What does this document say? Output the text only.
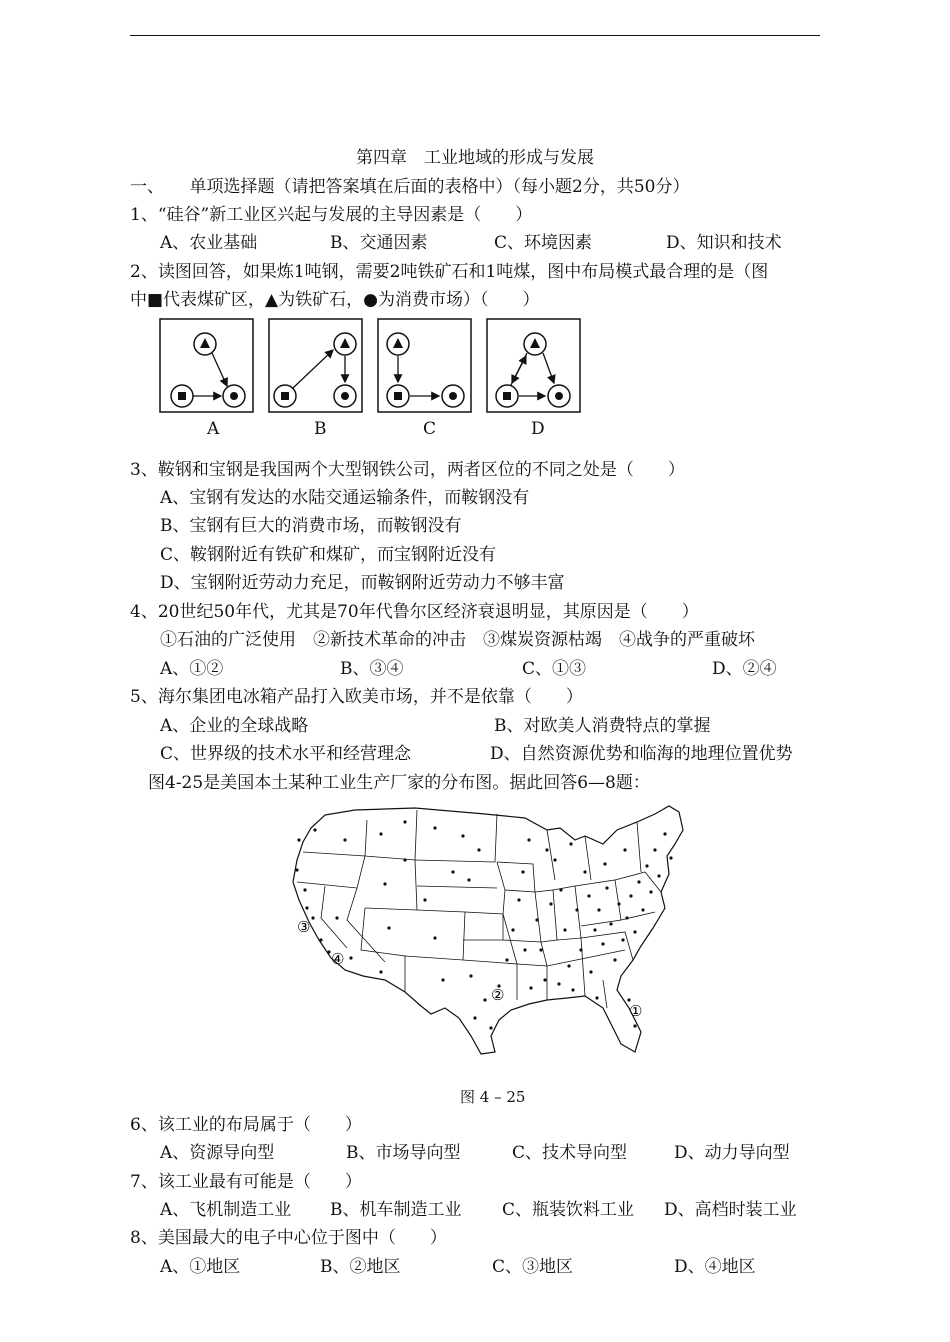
第四章　工业地域的形成与发展
一、　　单项选择题（请把答案填在后面的表格中）（每小题2分，共50分）
1、“硅谷”新工业区兴起与发展的主导因素是（　　）
A、农业基础	B、交通因素	C、环境因素	D、知识和技术
2、读图回答，如果炼1吨钢，需要2吨铁矿石和1吨煤，图中布局模式最合理的是（图
中■代表煤矿区，▲为铁矿石，●为消费市场）（　　）
A	B	C	D
3、鞍钢和宝钢是我国两个大型钢铁公司，两者区位的不同之处是（　　）
A、宝钢有发达的水陆交通运输条件，而鞍钢没有
B、宝钢有巨大的消费市场，而鞍钢没有
C、鞍钢附近有铁矿和煤矿，而宝钢附近没有
D、宝钢附近劳动力充足，而鞍钢附近劳动力不够丰富
4、20世纪50年代，尤其是70年代鲁尔区经济衰退明显，其原因是（　　）
①石油的广泛使用　②新技术革命的冲击　③煤炭资源枯竭　④战争的严重破坏
A、①②	B、③④	C、①③	D、②④
5、海尔集团电冰箱产品打入欧美市场，并不是依靠（　　）
A、企业的全球战略	B、对欧美人消费特点的掌握
C、世界级的技术水平和经营理念	D、自然资源优势和临海的地理位置优势
图4-25是美国本土某种工业生产厂家的分布图。据此回答6—8题：
③
④
②
①
图 4 – 25
6、该工业的布局属于（　　）
A、资源导向型	B、市场导向型	C、技术导向型	D、动力导向型
7、该工业最有可能是（　　）
A、飞机制造工业 B、机车制造工业 C、瓶装饮料工业 D、高档时装工业
8、美国最大的电子中心位于图中（　　）
A、①地区	B、②地区	C、③地区	D、④地区
